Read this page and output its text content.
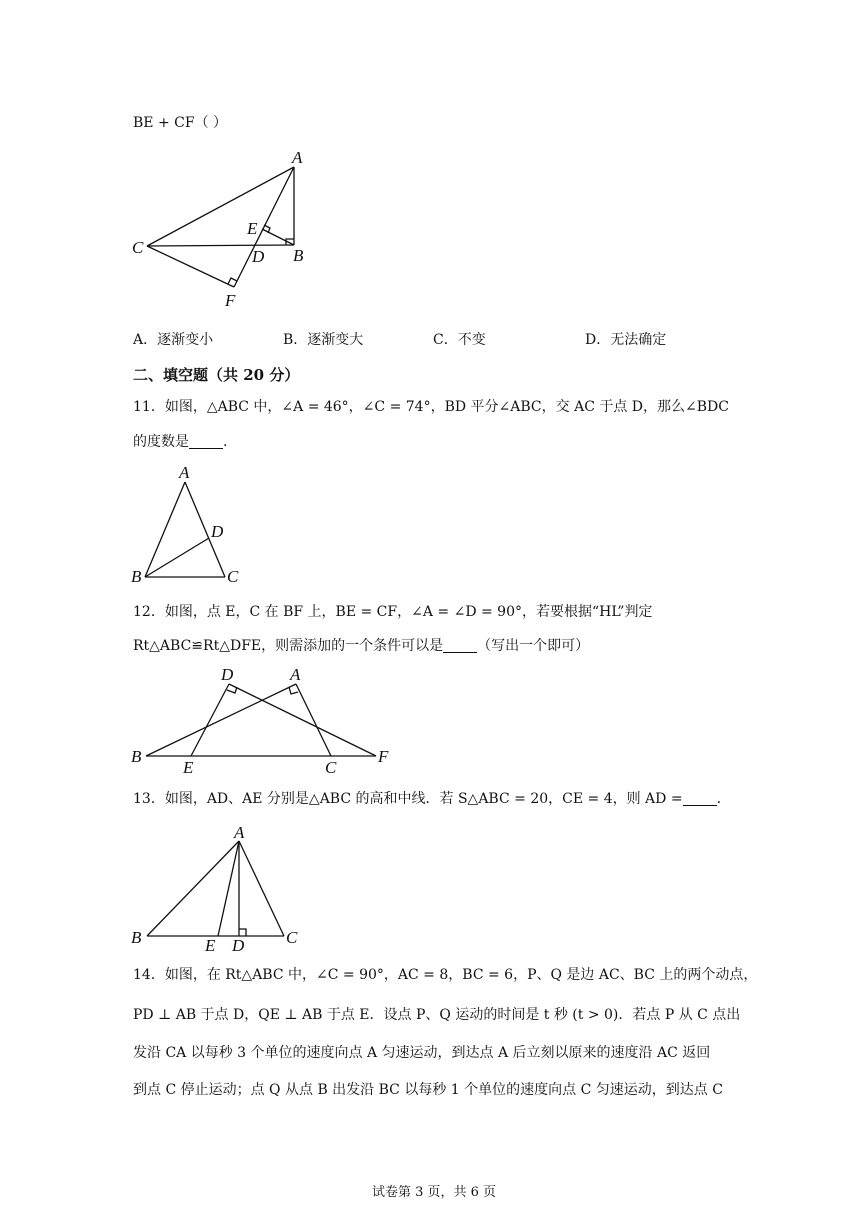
BE + CF（ ）
A
B
C	D
E
F
A．逐渐变小	B．逐渐变大	C．不变	D．无法确定
二、填空题（共 20 分）
11．如图，△ABC 中，∠A = 46°，∠C = 74°，BD 平分∠ABC，交 AC 于点 D，那么∠BDC
的度数是 .
A
B	C
D
12．如图，点 E，C 在 BF 上，BE = CF，∠A = ∠D = 90°，若要根据“HL”判定
Rt△ABC≌Rt△DFE，则需添加的一个条件可以是 （写出一个即可）
D	A
B
E	C
F
13．如图，AD、AE 分别是△ABC 的高和中线．若 S△ABC = 20，CE = 4，则 AD = .
A
B	E D C
14．如图，在 Rt△ABC 中，∠C = 90°，AC = 8，BC = 6，P、Q 是边 AC、BC 上的两个动点，
PD ⊥ AB 于点 D，QE ⊥ AB 于点 E．设点 P、Q 运动的时间是 t 秒 (t > 0)．若点 P 从 C 点出
发沿 CA 以每秒 3 个单位的速度向点 A 匀速运动，到达点 A 后立刻以原来的速度沿 AC 返回
到点 C 停止运动；点 Q 从点 B 出发沿 BC 以每秒 1 个单位的速度向点 C 匀速运动，到达点 C
试卷第 3 页，共 6 页
